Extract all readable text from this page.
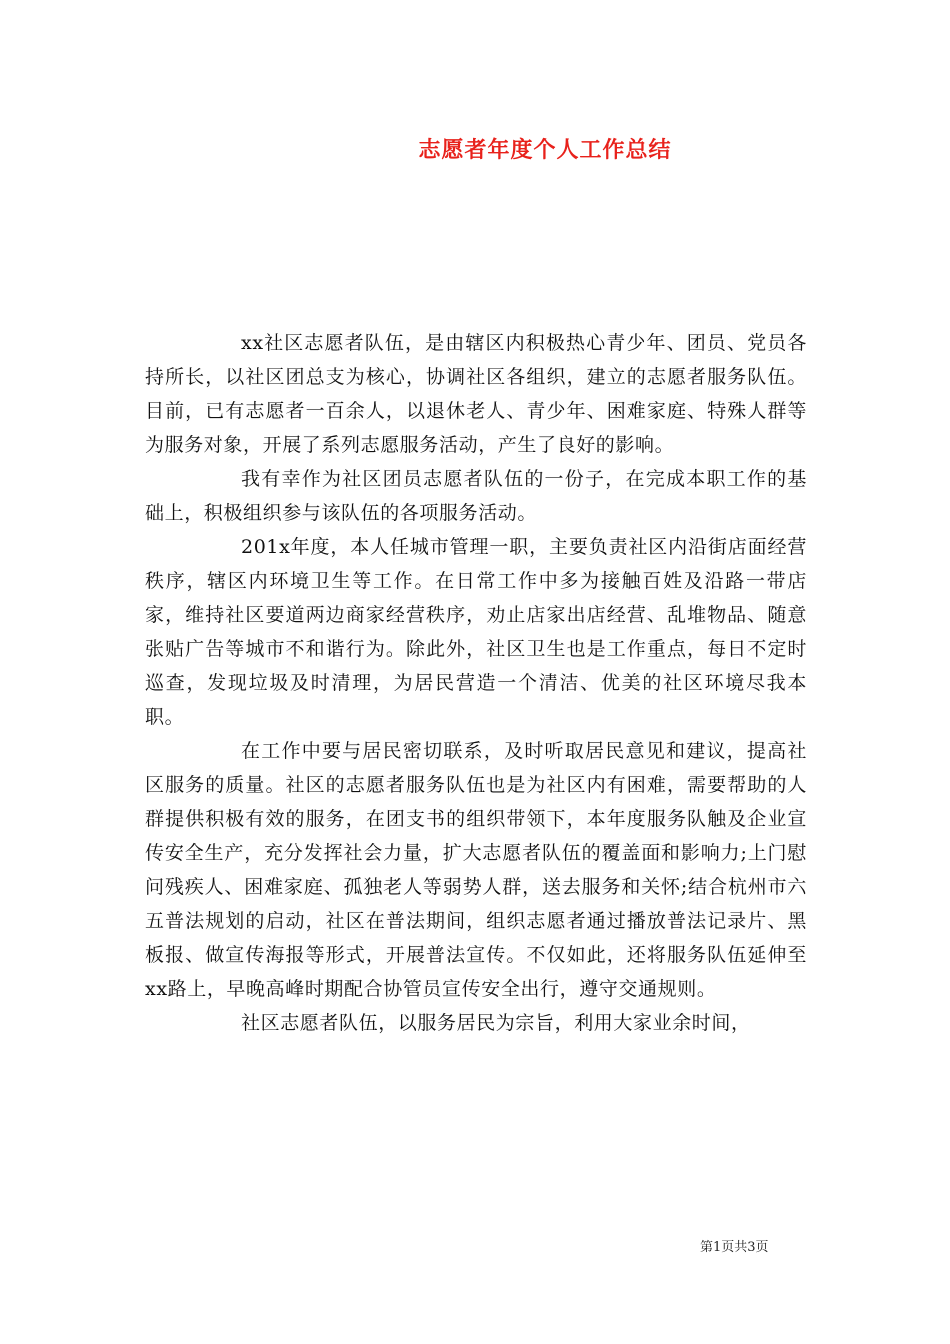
志愿者年度个人工作总结

xx社区志愿者队伍，是由辖区内积极热心青少年、团员、党员各持所长，以社区团总支为核心，协调社区各组织，建立的志愿者服务队伍。目前，已有志愿者一百余人，以退休老人、青少年、困难家庭、特殊人群等为服务对象，开展了系列志愿服务活动，产生了良好的影响。

我有幸作为社区团员志愿者队伍的一份子，在完成本职工作的基础上，积极组织参与该队伍的各项服务活动。

201x年度，本人任城市管理一职，主要负责社区内沿街店面经营秩序，辖区内环境卫生等工作。在日常工作中多为接触百姓及沿路一带店家，维持社区要道两边商家经营秩序，劝止店家出店经营、乱堆物品、随意张贴广告等城市不和谐行为。除此外，社区卫生也是工作重点，每日不定时巡查，发现垃圾及时清理，为居民营造一个清洁、优美的社区环境尽我本职。

在工作中要与居民密切联系，及时听取居民意见和建议，提高社区服务的质量。社区的志愿者服务队伍也是为社区内有困难，需要帮助的人群提供积极有效的服务，在团支书的组织带领下，本年度服务队触及企业宣传安全生产，充分发挥社会力量，扩大志愿者队伍的覆盖面和影响力;上门慰问残疾人、困难家庭、孤独老人等弱势人群，送去服务和关怀;结合杭州市六五普法规划的启动，社区在普法期间，组织志愿者通过播放普法记录片、黑板报、做宣传海报等形式，开展普法宣传。不仅如此，还将服务队伍延伸至xx路上，早晚高峰时期配合协管员宣传安全出行，遵守交通规则。

社区志愿者队伍，以服务居民为宗旨，利用大家业余时间，

第1页共3页
